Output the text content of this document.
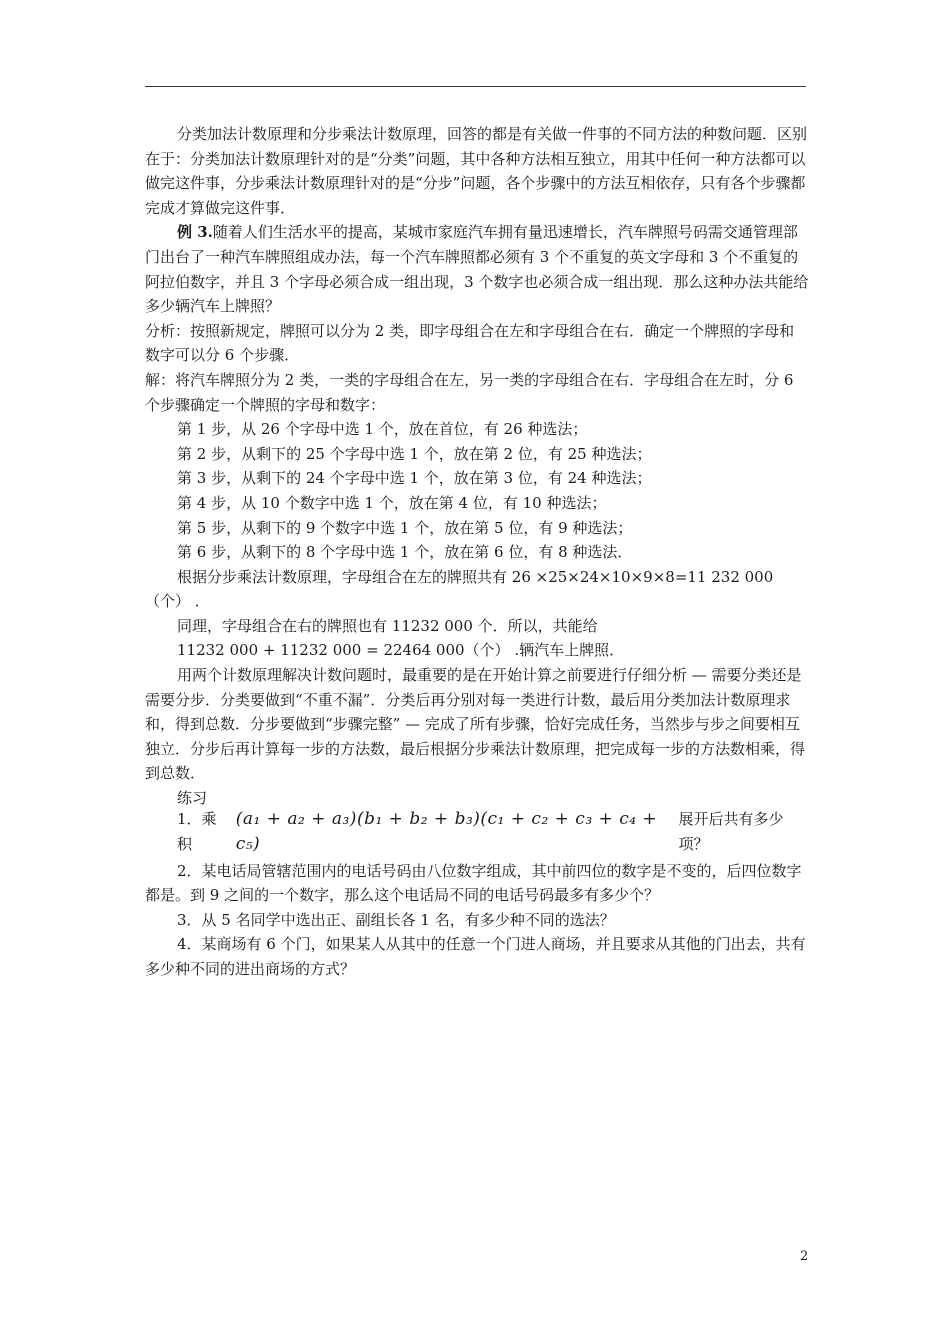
分类加法计数原理和分步乘法计数原理，回答的都是有关做一件事的不同方法的种数问题．区别在于：分类加法计数原理针对的是“分类”问题，其中各种方法相互独立，用其中任何一种方法都可以做完这件事，分步乘法计数原理针对的是“分步”问题，各个步骤中的方法互相依存，只有各个步骤都完成才算做完这件事．

例 3.随着人们生活水平的提高，某城市家庭汽车拥有量迅速增长，汽车牌照号码需交通管理部门出台了一种汽车牌照组成办法，每一个汽车牌照都必须有 3 个不重复的英文字母和 3 个不重复的阿拉伯数字，并且 3 个字母必须合成一组出现，3 个数字也必须合成一组出现．那么这种办法共能给多少辆汽车上牌照？

分析：按照新规定，牌照可以分为 2 类，即字母组合在左和字母组合在右．确定一个牌照的字母和数字可以分 6 个步骤．

解：将汽车牌照分为 2 类，一类的字母组合在左，另一类的字母组合在右．字母组合在左时，分 6 个步骤确定一个牌照的字母和数字：

第 1 步，从 26 个字母中选 1 个，放在首位，有 26 种选法；

第 2 步，从剩下的 25 个字母中选 1 个，放在第 2 位，有 25 种选法；

第 3 步，从剩下的 24 个字母中选 1 个，放在第 3 位，有 24 种选法；

第 4 步，从 10 个数字中选 1 个，放在第 4 位，有 10 种选法；

第 5 步，从剩下的 9 个数字中选 1 个，放在第 5 位，有 9 种选法；

第 6 步，从剩下的 8 个字母中选 1 个，放在第 6 位，有 8 种选法．

根据分步乘法计数原理，字母组合在左的牌照共有 26 ×25×24×10×9×8=11 232 000（个） ．

同理，字母组合在右的牌照也有 11232 000 个．所以，共能给

11232 000 + 11232 000 = 22464 000（个） .辆汽车上牌照．

用两个计数原理解决计数问题时，最重要的是在开始计算之前要进行仔细分析 — 需要分类还是需要分步．分类要做到“不重不漏”．分类后再分别对每一类进行计数，最后用分类加法计数原理求和，得到总数．分步要做到“步骤完整” — 完成了所有步骤，恰好完成任务，当然步与步之间要相互独立．分步后再计算每一步的方法数，最后根据分步乘法计数原理，把完成每一步的方法数相乘，得到总数．

练习

1．乘积
(a₁ + a₂ + a₃)(b₁ + b₂ + b₃)(c₁ + c₂ + c₃ + c₄ + c₅)
展开后共有多少项？

2．某电话局管辖范围内的电话号码由八位数字组成，其中前四位的数字是不变的，后四位数字都是。到 9 之间的一个数字，那么这个电话局不同的电话号码最多有多少个？

3．从 5 名同学中选出正、副组长各 1 名，有多少种不同的选法？

4．某商场有 6 个门，如果某人从其中的任意一个门进人商场，并且要求从其他的门出去，共有多少种不同的进出商场的方式？

2
